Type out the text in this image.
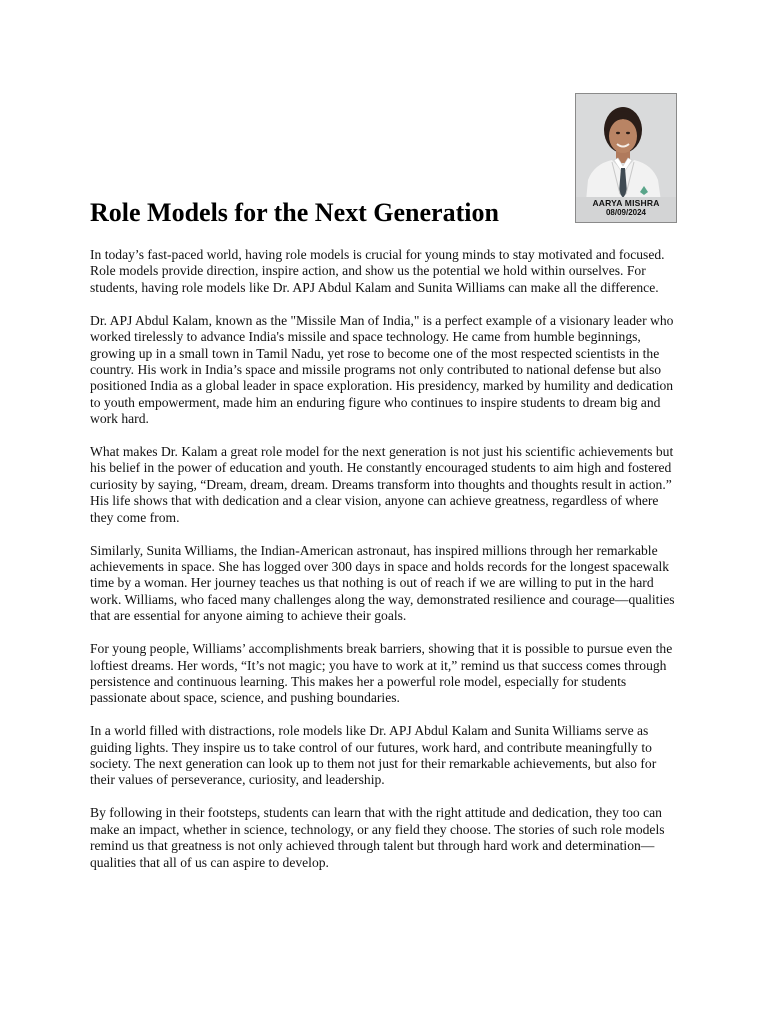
AARYA MISHRA
08/09/2024
Role Models for the Next Generation

In today’s fast-paced world, having role models is crucial for young minds to stay motivated and focused. Role models provide direction, inspire action, and show us the potential we hold within ourselves. For students, having role models like Dr. APJ Abdul Kalam and Sunita Williams can make all the difference.

Dr. APJ Abdul Kalam, known as the "Missile Man of India," is a perfect example of a visionary leader who worked tirelessly to advance India's missile and space technology. He came from humble beginnings, growing up in a small town in Tamil Nadu, yet rose to become one of the most respected scientists in the country. His work in India’s space and missile programs not only contributed to national defense but also positioned India as a global leader in space exploration. His presidency, marked by humility and dedication to youth empowerment, made him an enduring figure who continues to inspire students to dream big and work hard.

What makes Dr. Kalam a great role model for the next generation is not just his scientific achievements but his belief in the power of education and youth. He constantly encouraged students to aim high and fostered curiosity by saying, “Dream, dream, dream. Dreams transform into thoughts and thoughts result in action.” His life shows that with dedication and a clear vision, anyone can achieve greatness, regardless of where they come from.

Similarly, Sunita Williams, the Indian-American astronaut, has inspired millions through her remarkable achievements in space. She has logged over 300 days in space and holds records for the longest spacewalk time by a woman. Her journey teaches us that nothing is out of reach if we are willing to put in the hard work. Williams, who faced many challenges along the way, demonstrated resilience and courage—qualities that are essential for anyone aiming to achieve their goals.

For young people, Williams’ accomplishments break barriers, showing that it is possible to pursue even the loftiest dreams. Her words, “It’s not magic; you have to work at it,” remind us that success comes through persistence and continuous learning. This makes her a powerful role model, especially for students passionate about space, science, and pushing boundaries.

In a world filled with distractions, role models like Dr. APJ Abdul Kalam and Sunita Williams serve as guiding lights. They inspire us to take control of our futures, work hard, and contribute meaningfully to society. The next generation can look up to them not just for their remarkable achievements, but also for their values of perseverance, curiosity, and leadership.

By following in their footsteps, students can learn that with the right attitude and dedication, they too can make an impact, whether in science, technology, or any field they choose. The stories of such role models remind us that greatness is not only achieved through talent but through hard work and determination—qualities that all of us can aspire to develop.
